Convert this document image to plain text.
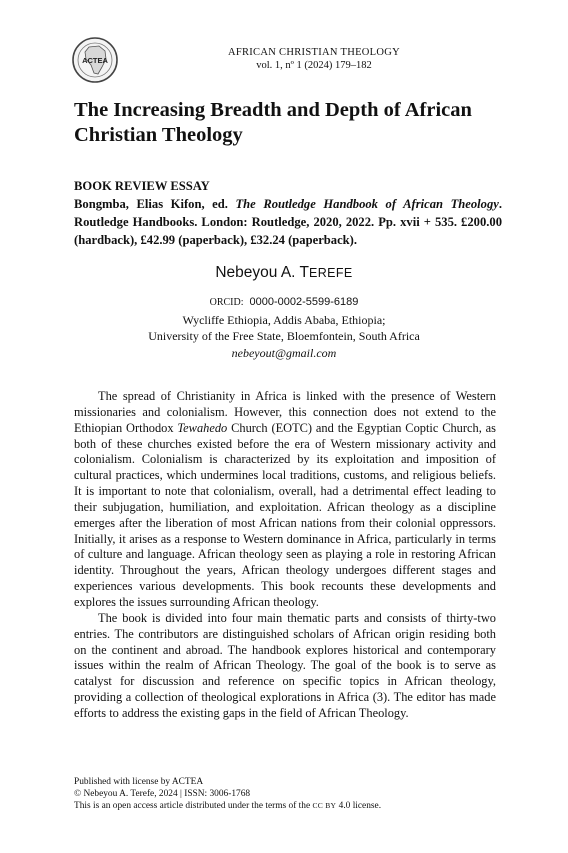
ACTEA
AFRICAN CHRISTIAN THEOLOGY
vol. 1, nº 1 (2024) 179–182
The Increasing Breadth and Depth of African Christian Theology
BOOK REVIEW ESSAY
Bongmba, Elias Kifon, ed. The Routledge Handbook of African Theology. Routledge Handbooks. London: Routledge, 2020, 2022. Pp. xvii + 535. £200.00 (hardback), £42.99 (paperback), £32.24 (paperback).
Nebeyou A. TEREFE
ORCID: 0000-0002-5599-6189
Wycliffe Ethiopia, Addis Ababa, Ethiopia;
University of the Free State, Bloemfontein, South Africa
nebeyout@gmail.com

The spread of Christianity in Africa is linked with the presence of Western missionaries and colonialism. However, this connection does not extend to the Ethiopian Orthodox Tewahedo Church (EOTC) and the Egyptian Coptic Church, as both of these churches existed before the era of Western missionary activity and colonialism. Colonialism is characterized by its exploitation and imposition of cultural practices, which undermines local traditions, customs, and religious beliefs. It is important to note that colonialism, overall, had a detrimental effect leading to their subjugation, humiliation, and exploitation. African theology as a discipline emerges after the liberation of most African nations from their colonial oppressors. Initially, it arises as a response to Western dominance in Africa, particularly in terms of culture and language. African theology seen as playing a role in restoring African identity. Throughout the years, African theology undergoes different stages and experiences various developments. This book recounts these developments and explores the issues surrounding African theology.

The book is divided into four main thematic parts and consists of thirty-two entries. The contributors are distinguished scholars of African origin residing both on the continent and abroad. The handbook explores historical and contemporary issues within the realm of African Theology. The goal of the book is to serve as catalyst for discussion and reference on specific topics in African theology, providing a collection of theological explorations in Africa (3). The editor has made efforts to address the existing gaps in the field of African Theology.

Published with license by ACTEA
© Nebeyou A. Terefe, 2024 | ISSN: 3006-1768
This is an open access article distributed under the terms of the CC BY 4.0 license.
